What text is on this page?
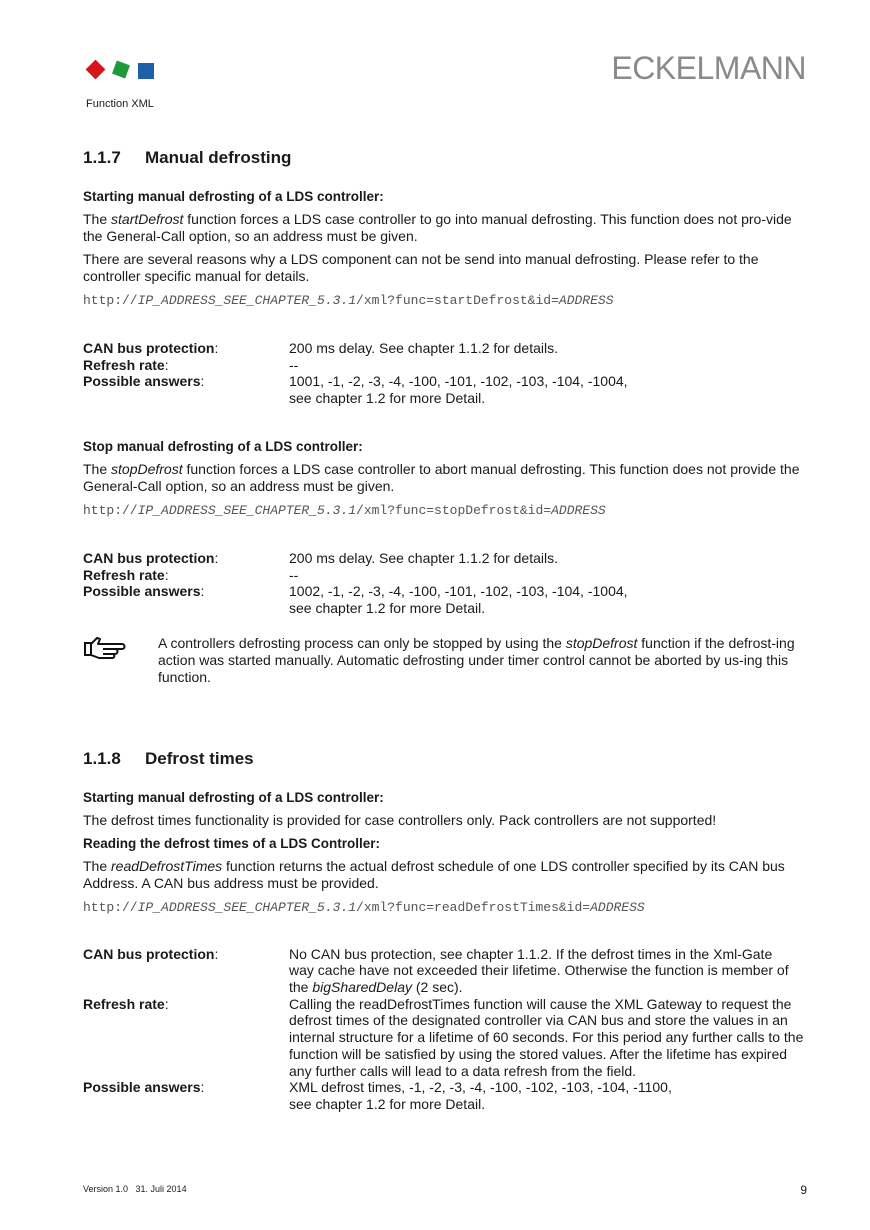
ECKELMANN
Function XML
1.1.7 Manual defrosting
Starting manual defrosting of a LDS controller:

The startDefrost function forces a LDS case controller to go into manual defrosting. This function does not pro-vide the General-Call option, so an address must be given.

There are several reasons why a LDS component can not be send into manual defrosting. Please refer to the controller specific manual for details.

http://IP_ADDRESS_SEE_CHAPTER_5.3.1/xml?func=startDefrost&id=ADDRESS

CAN bus protection:	200 ms delay. See chapter 1.1.2 for details.
Refresh rate:	--
Possible answers:	1001, -1, -2, -3, -4, -100, -101, -102, -103, -104, -1004,
see chapter 1.2 for more Detail.
Stop manual defrosting of a LDS controller:

The stopDefrost function forces a LDS case controller to abort manual defrosting. This function does not provide the General-Call option, so an address must be given.

http://IP_ADDRESS_SEE_CHAPTER_5.3.1/xml?func=stopDefrost&id=ADDRESS

CAN bus protection:	200 ms delay. See chapter 1.1.2 for details.
Refresh rate:	--
Possible answers:	1002, -1, -2, -3, -4, -100, -101, -102, -103, -104, -1004,
see chapter 1.2 for more Detail.
A controllers defrosting process can only be stopped by using the stopDefrost function if the defrost-ing action was started manually. Automatic defrosting under timer control cannot be aborted by us-ing this function.
1.1.8 Defrost times
Starting manual defrosting of a LDS controller:

The defrost times functionality is provided for case controllers only. Pack controllers are not supported!

Reading the defrost times of a LDS Controller:

The readDefrostTimes function returns the actual defrost schedule of one LDS controller specified by its CAN bus Address. A CAN bus address must be provided.

http://IP_ADDRESS_SEE_CHAPTER_5.3.1/xml?func=readDefrostTimes&id=ADDRESS

CAN bus protection:	No CAN bus protection, see chapter 1.1.2. If the defrost times in the Xml-Gate way cache have not exceeded their lifetime. Otherwise the function is member of the bigSharedDelay (2 sec).
Refresh rate:	Calling the readDefrostTimes function will cause the XML Gateway to request the defrost times of the designated controller via CAN bus and store the values in an internal structure for a lifetime of 60 seconds. For this period any further calls to the function will be satisfied by using the stored values. After the lifetime has expired any further calls will lead to a data refresh from the field.
Possible answers:	XML defrost times, -1, -2, -3, -4, -100, -102, -103, -104, -1100,
see chapter 1.2 for more Detail.
Version 1.0   31. Juli 2014	9
